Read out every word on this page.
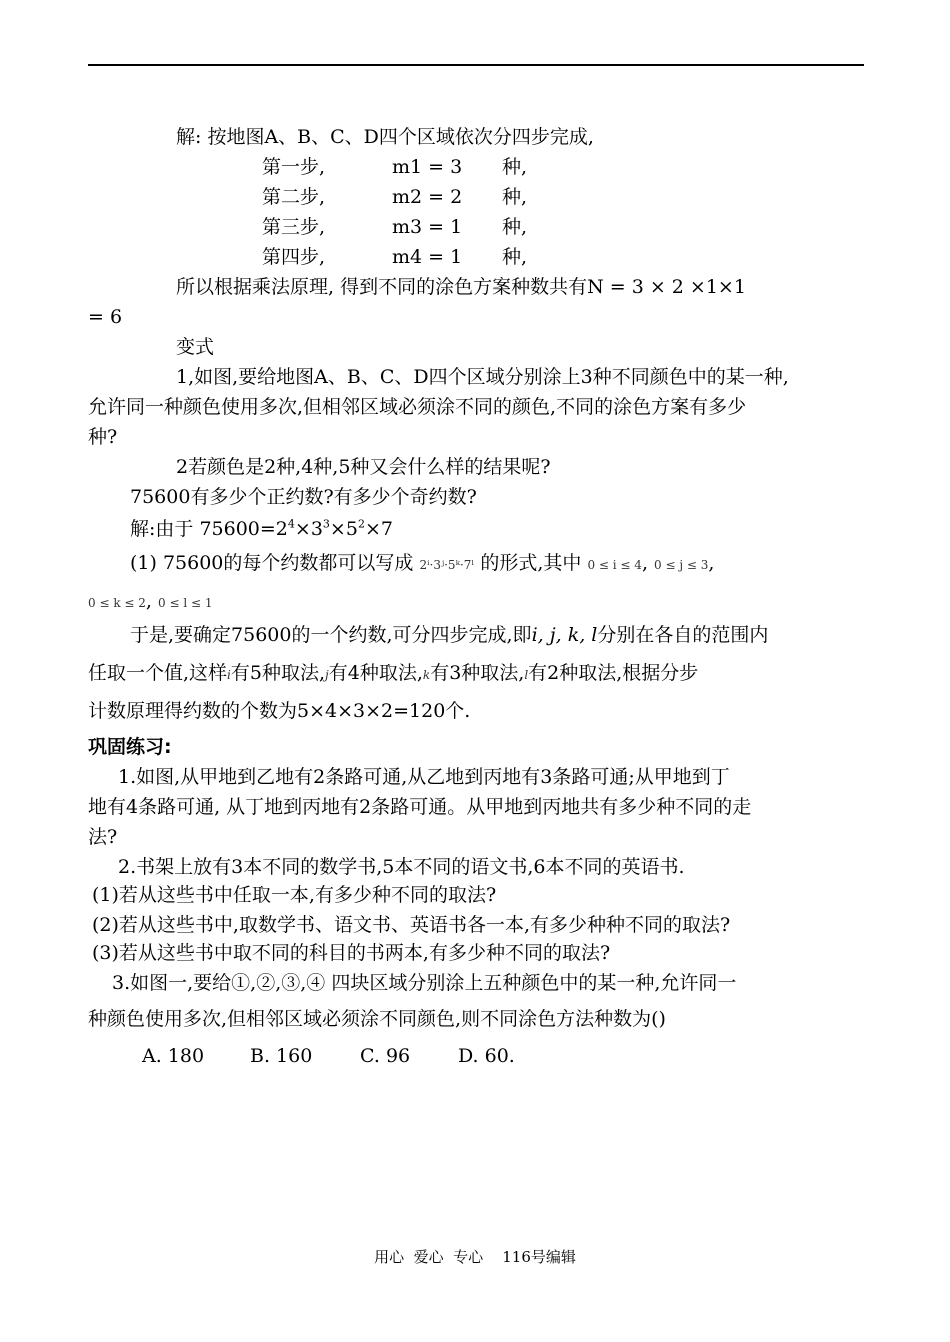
解: 按地图A、B、C、D四个区域依次分四步完成,
第一步,	m1 = 3 种,
第二步,	m2 = 2 种,
第三步,	m3 = 1 种,
第四步,	m4 = 1 种,
所以根据乘法原理, 得到不同的涂色方案种数共有N = 3 × 2 ×1×1
= 6
变式
1,如图,要给地图A、B、C、D四个区域分别涂上3种不同颜色中的某一种,
允许同一种颜色使用多次,但相邻区域必须涂不同的颜色,不同的涂色方案有多少
种?
2若颜色是2种,4种,5种又会什么样的结果呢?
75600有多少个正约数?有多少个奇约数?
解:由于 $75600=2^4\times 3^3\times 5^2\times 7$
(1) 75600的每个约数都可以写成 2ⁱ·3ʲ·5ᵏ·7ˡ 的形式,其中 0 ≤ i ≤ 4, 0 ≤ j ≤ 3,
0 ≤ k ≤ 2, 0 ≤ l ≤ 1
于是,要确定75600的一个约数,可分四步完成,即i, j, k, l分别在各自的范围内
任取一个值,这样i有5种取法,j有4种取法,k有3种取法,l有2种取法,根据分步
计数原理得约数的个数为5×4×3×2=120个.
巩固练习:
1.如图,从甲地到乙地有2条路可通,从乙地到丙地有3条路可通;从甲地到丁
地有4条路可通, 从丁地到丙地有2条路可通。从甲地到丙地共有多少种不同的走
法?
2.书架上放有3本不同的数学书,5本不同的语文书,6本不同的英语书.
(1)若从这些书中任取一本,有多少种不同的取法?
(2)若从这些书中,取数学书、语文书、英语书各一本,有多少种种不同的取法?
(3)若从这些书中取不同的科目的书两本,有多少种不同的取法?
3.如图一,要给①,②,③,④ 四块区域分别涂上五种颜色中的某一种,允许同一
种颜色使用多次,但相邻区域必须涂不同颜色,则不同涂色方法种数为()
A. 180 B. 160	C. 96	D. 60.
用心  爱心  专心    116号编辑
